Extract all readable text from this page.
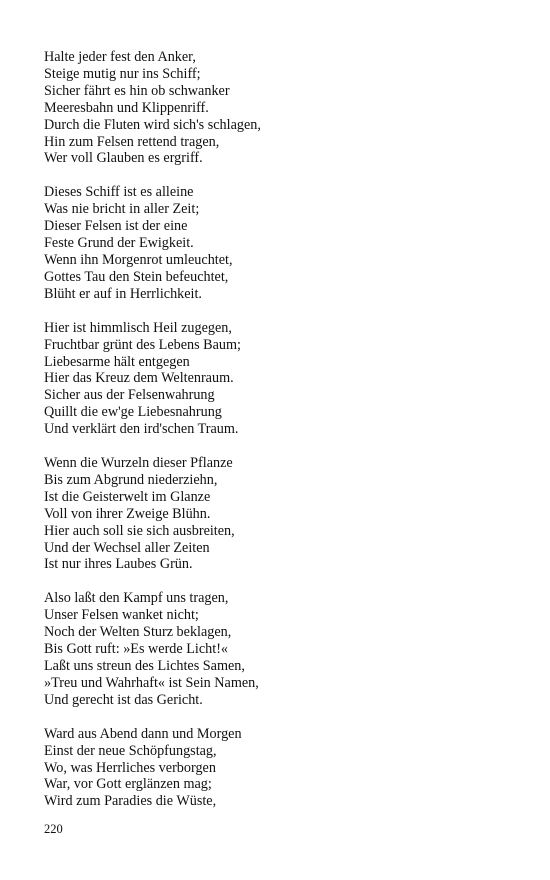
Halte jeder fest den Anker,
Steige mutig nur ins Schiff;
Sicher fährt es hin ob schwanker
Meeresbahn und Klippenriff.
Durch die Fluten wird sich's schlagen,
Hin zum Felsen rettend tragen,
Wer voll Glauben es ergriff.
Dieses Schiff ist es alleine
Was nie bricht in aller Zeit;
Dieser Felsen ist der eine
Feste Grund der Ewigkeit.
Wenn ihn Morgenrot umleuchtet,
Gottes Tau den Stein befeuchtet,
Blüht er auf in Herrlichkeit.
Hier ist himmlisch Heil zugegen,
Fruchtbar grünt des Lebens Baum;
Liebesarme hält entgegen
Hier das Kreuz dem Weltenraum.
Sicher aus der Felsenwahrung
Quillt die ew'ge Liebesnahrung
Und verklärt den ird'schen Traum.
Wenn die Wurzeln dieser Pflanze
Bis zum Abgrund niederziehn,
Ist die Geisterwelt im Glanze
Voll von ihrer Zweige Blühn.
Hier auch soll sie sich ausbreiten,
Und der Wechsel aller Zeiten
Ist nur ihres Laubes Grün.
Also laßt den Kampf uns tragen,
Unser Felsen wanket nicht;
Noch der Welten Sturz beklagen,
Bis Gott ruft: »Es werde Licht!«
Laßt uns streun des Lichtes Samen,
»Treu und Wahrhaft« ist Sein Namen,
Und gerecht ist das Gericht.
Ward aus Abend dann und Morgen
Einst der neue Schöpfungstag,
Wo, was Herrliches verborgen
War, vor Gott erglänzen mag;
Wird zum Paradies die Wüste,
220
